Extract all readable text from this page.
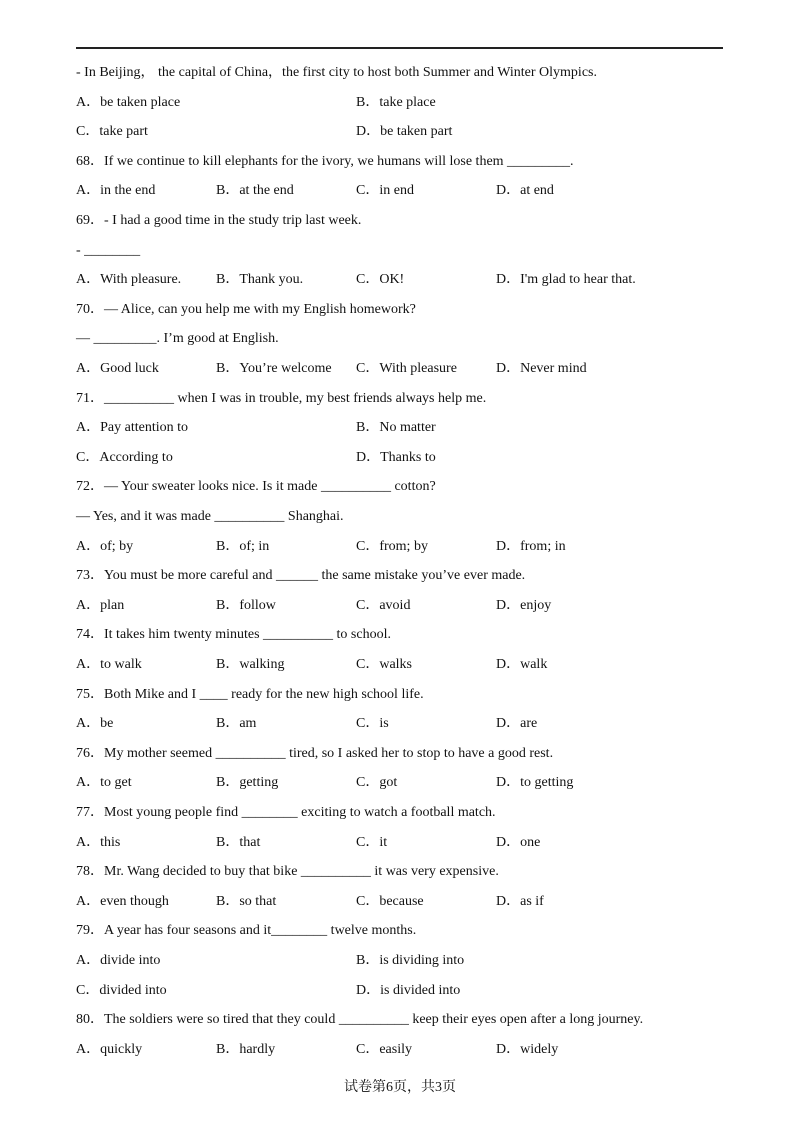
- In Beijing， the capital of China，the first city to host both Summer and Winter Olympics.
A．be taken place	B．take place
C．take part	D．be taken part
68．If we continue to kill elephants for the ivory, we humans will lose them _________.
A．in the end	B．at the end	C．in end	D．at end
69．- I had a good time in the study trip last week.
- ________
A．With pleasure. B．Thank you.	C．OK!	D．I'm glad to hear that.
70．— Alice, can you help me with my English homework?
— _________. I’m good at English.
A．Good luck	B．You’re welcome C．With pleasure	D．Never mind
71．__________ when I was in trouble, my best friends always help me.
A．Pay attention to	B．No matter
C．According to	D．Thanks to
72．— Your sweater looks nice. Is it made __________ cotton?
— Yes, and it was made __________ Shanghai.
A．of; by	B．of; in	C．from; by	D．from; in
73．You must be more careful and ______ the same mistake you’ve ever made.
A．plan	B．follow	C．avoid	D．enjoy
74．It takes him twenty minutes __________ to school.
A．to walk	B．walking	C．walks	D．walk
75．Both Mike and I ____ ready for the new high school life.
A．be	B．am	C．is	D．are
76．My mother seemed __________ tired, so I asked her to stop to have a good rest.
A．to get	B．getting	C．got	D．to getting
77．Most young people find ________ exciting to watch a football match.
A．this	B．that	C．it	D．one
78．Mr. Wang decided to buy that bike __________ it was very expensive.
A．even though	B．so that	C．because	D．as if
79．A year has four seasons and it________ twelve months.
A．divide into	B．is dividing into
C．divided into	D．is divided into
80．The soldiers were so tired that they could __________ keep their eyes open after a long journey.
A．quickly	B．hardly	C．easily	D．widely
试卷第6页，共3页
